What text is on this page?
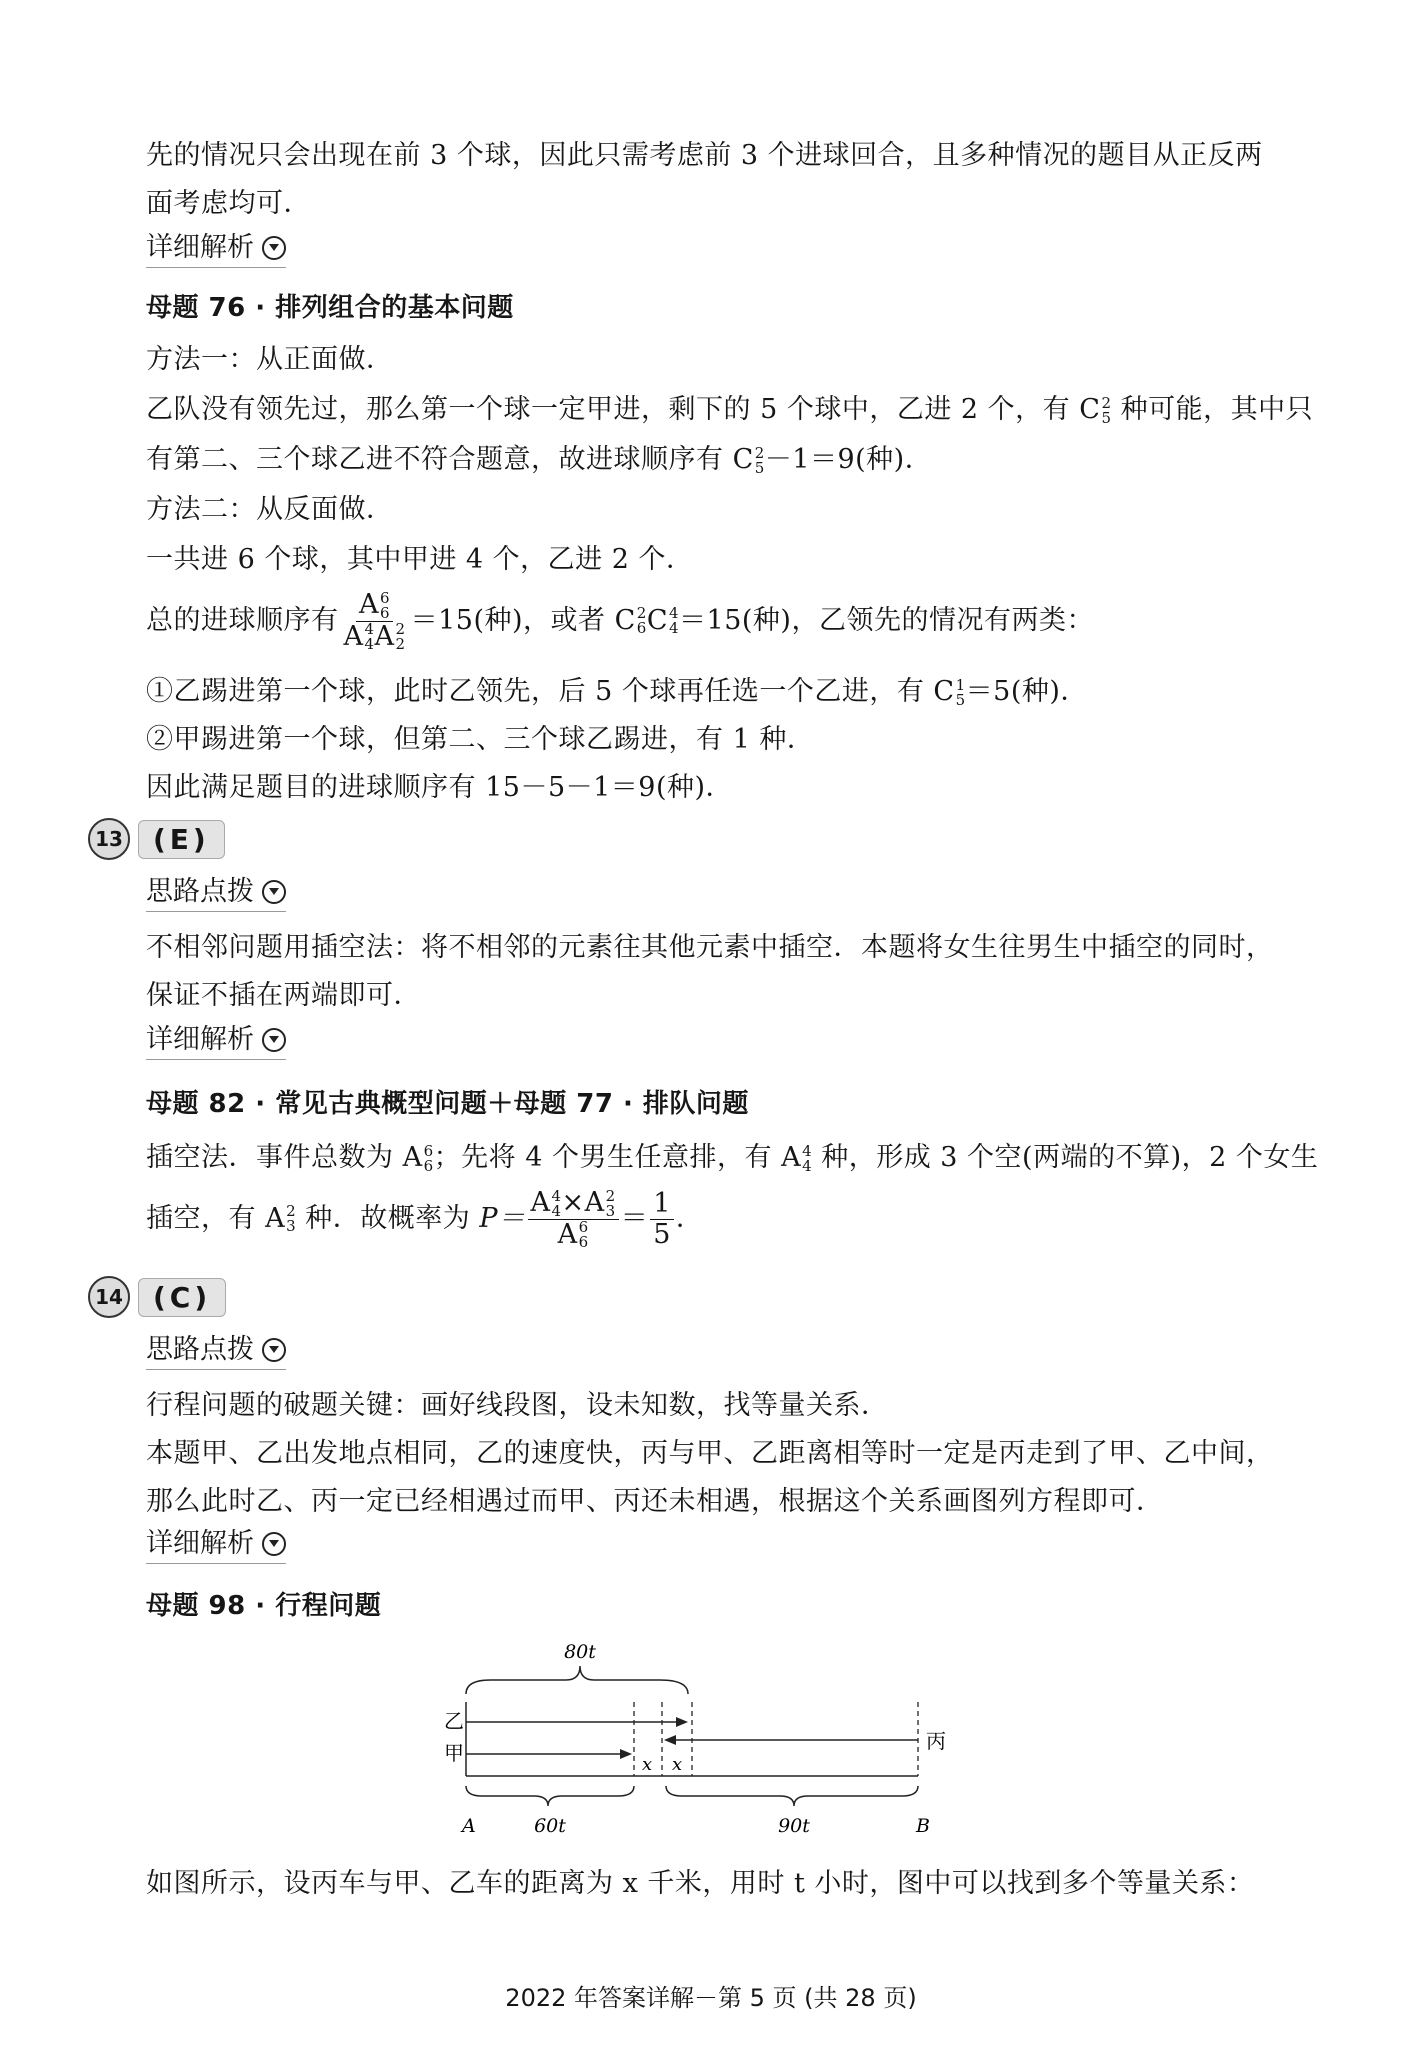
先的情况只会出现在前 3 个球，因此只需考虑前 3 个进球回合，且多种情况的题目从正反两
面考虑均可．
详细解析
母题 76 · 排列组合的基本问题
方法一：从正面做．
乙队没有领先过，那么第一个球一定甲进，剩下的 5 个球中，乙进 2 个，有 C 2
5 种可能，其中只
有第二、三个球乙进不符合题意，故进球顺序有 C 2
5 －1＝9(种)．
方法二：从反面做．
一共进 6 个球，其中甲进 4 个，乙进 2 个．
总的进球顺序有 A 6
6
A 4
4 A 2
2 ＝15(种)，或者 C 2
6 C 4
4 ＝15(种)，乙领先的情况有两类：
①乙踢进第一个球，此时乙领先，后 5 个球再任选一个乙进，有 C 1
5 ＝5(种)．
②甲踢进第一个球，但第二、三个球乙踢进，有 1 种．
因此满足题目的进球顺序有 15－5－1＝9(种)．
13	(E)
思路点拨
不相邻问题用插空法：将不相邻的元素往其他元素中插空．本题将女生往男生中插空的同时，
保证不插在两端即可．
详细解析
母题 82 · 常见古典概型问题＋母题 77 · 排队问题
插空法．事件总数为 A 6
6 ；先将 4 个男生任意排，有 A 4
4 种，形成 3 个空(两端的不算)，2 个女生
插空，有 A 2
3 种．故概率为 P＝ A 4
4 ×A 2
3
A 6
$6 = \frac{1}{5}$ ．
14	(C)
思路点拨
行程问题的破题关键：画好线段图，设未知数，找等量关系．
本题甲、乙出发地点相同，乙的速度快，丙与甲、乙距离相等时一定是丙走到了甲、乙中间，
那么此时乙、丙一定已经相遇过而甲、丙还未相遇，根据这个关系画图列方程即可．
详细解析
母题 98 · 行程问题
80t
乙
甲	丙
x x
A	60t	90t	B
如图所示，设丙车与甲、乙车的距离为 x 千米，用时 t 小时，图中可以找到多个等量关系：
2022 年答案详解－第 5 页 (共 28 页)
